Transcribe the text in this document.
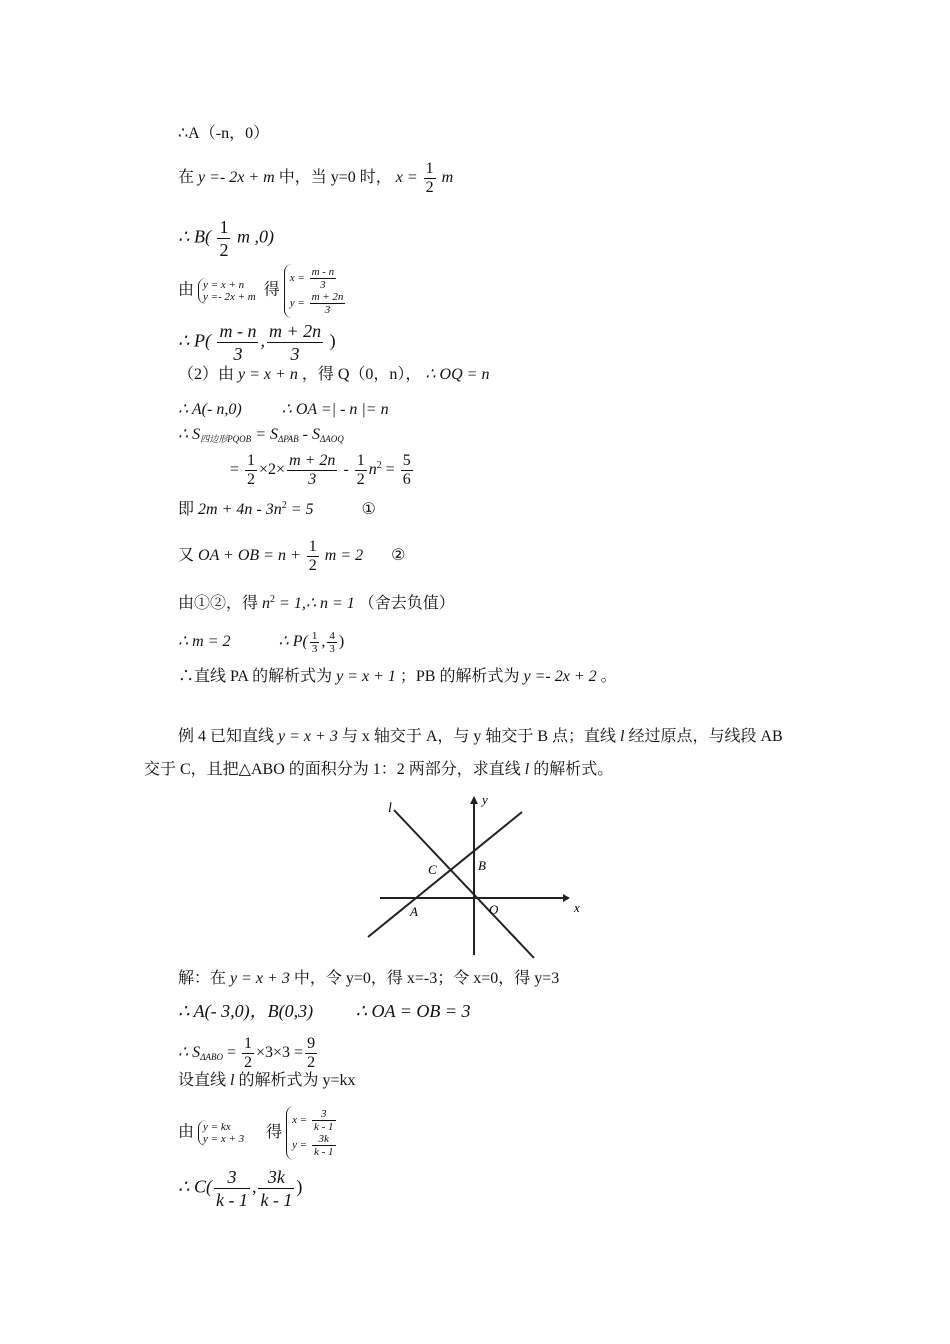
∴A（-n，0）
在 y =- 2x + m 中，当 y=0 时， $x = \frac{1}{2}$ m
∴ $B( \frac{1}{2}$ m ,0)
由 y = x + n
y =- 2x + m 得
$x = \frac{m - n}{3}$
$y = \frac{m + 2n}{3}$
∴ $P( \frac{m - n}{3}$ , $\frac{m + 2n}{3}$ )
（2）由 y = x + n ，得 Q（0，n）， ∴ OQ = n
∴ A(- n,0)	∴ OA =| - n |= n
∴ $S_{四边形PQOB} = S_{\Delta PAB} - S_{\Delta AOQ}$
= $\frac{1}{2} \times 2\times \frac{m + 2n}{3} - \frac{1}{2} n^2 = \frac{5}{6}$
即 $2m + 4n - 3n^2 = 5$	①
又 OA + OB = $n + \frac{1}{2}$ m = 2 ②
由①②，得 $n^2$ = 1,∴ n = 1 （舍去负值）
∴ m = 2	∴ $P( \frac{1}{3}$ , $\frac{4}{3}$ )
∴直线 PA 的解析式为 y = x + 1 ；PB 的解析式为 y =- 2x + 2 。
例 4 已知直线 y = x + 3 与 x 轴交于 A，与 y 轴交于 B 点；直线 l 经过原点，与线段 AB
交于 C，且把△ABO 的面积分为 1：2 两部分，求直线 l 的解析式。
l
y
x
A
B
C
O
解：在 y = x + 3 中，令 y=0，得 x=-3；令 x=0，得 y=3
∴ A(- 3,0)，B(0,3) ∴ OA = OB = 3
∴ $S_{\Delta ABO} = \frac{1}{2} \times 3\times 3 = \frac{9}{2}$
设直线 l 的解析式为 y=kx
由 y = kx
y = x + 3 得
$x = \frac{3}{k - 1}$
$y = \frac{3k}{k - 1}$
∴ $C( \frac{3}{k - 1}$ , $\frac{3k}{k - 1}$ )
